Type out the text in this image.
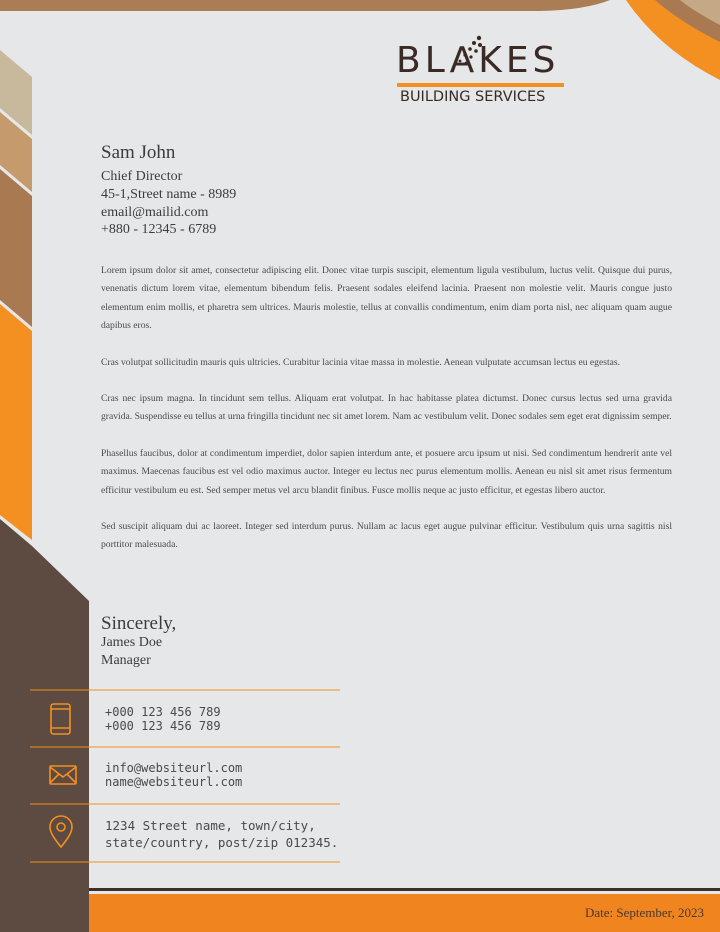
BLAKES
BUILDING SERVICES
Sam John
Chief Director
45-1,Street name - 8989
email@mailid.com
+880 - 12345 - 6789

Lorem ipsum dolor sit amet, consectetur adipiscing elit. Donec vitae turpis suscipit, elementum ligula vestibulum, luctus velit. Quisque dui purus, venenatis dictum lorem vitae, elementum bibendum felis. Praesent sodales eleifend lacinia. Praesent non molestie velit. Mauris congue justo elementum enim mollis, et pharetra sem ultrices. Mauris molestie, tellus at convallis condimentum, enim diam porta nisl, nec aliquam quam augue dapibus eros.

Cras volutpat sollicitudin mauris quis ultricies. Curabitur lacinia vitae massa in molestie. Aenean vulputate accumsan lectus eu egestas.

Cras nec ipsum magna. In tincidunt sem tellus. Aliquam erat volutpat. In hac habitasse platea dictumst. Donec cursus lectus sed urna gravida gravida. Suspendisse eu tellus at urna fringilla tincidunt nec sit amet lorem. Nam ac vestibulum velit. Donec sodales sem eget erat dignissim semper.

Phasellus faucibus, dolor at condimentum imperdiet, dolor sapien interdum ante, et posuere arcu ipsum ut nisi. Sed condimentum hendrerit ante vel maximus. Maecenas faucibus est vel odio maximus auctor. Integer eu lectus nec purus elementum mollis. Aenean eu nisl sit amet risus fermentum efficitur vestibulum eu est. Sed semper metus vel arcu blandit finibus. Fusce mollis neque ac justo efficitur, et egestas libero auctor.

Sed suscipit aliquam dui ac laoreet. Integer sed interdum purus. Nullam ac lacus eget augue pulvinar efficitur. Vestibulum quis urna sagittis nisl porttitor malesuada.

Sincerely,
James Doe
Manager
+000 123 456 789
+000 123 456 789
info@websiteurl.com
name@websiteurl.com
1234 Street name, town/city,
state/country, post/zip 012345.
Date: September, 2023
